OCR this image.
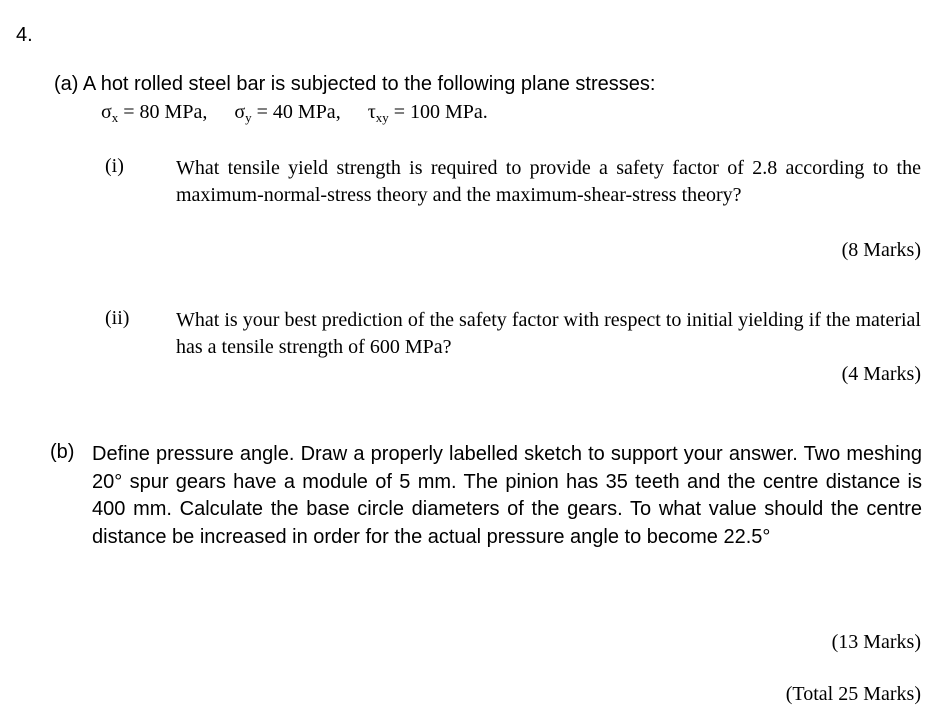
4.
(a) A hot rolled steel bar is subjected to the following plane stresses:
$\sigma_x = 80$ MPa, $\sigma_y = 40$ MPa, $\tau_{xy} = 100$ MPa.
(i)	What tensile yield strength is required to provide a safety factor of 2.8 according to the maximum-normal-stress theory and the maximum-shear-stress theory?
(8 Marks)
(ii) What is your best prediction of the safety factor with respect to initial yielding if the material has a tensile strength of 600 MPa?
(4 Marks)
(b) Define pressure angle. Draw a properly labelled sketch to support your answer. Two meshing 20° spur gears have a module of 5 mm. The pinion has 35 teeth and the centre distance is 400 mm. Calculate the base circle diameters of the gears. To what value should the centre distance be increased in order for the actual pressure angle to become 22.5°
(13 Marks)
(Total 25 Marks)
